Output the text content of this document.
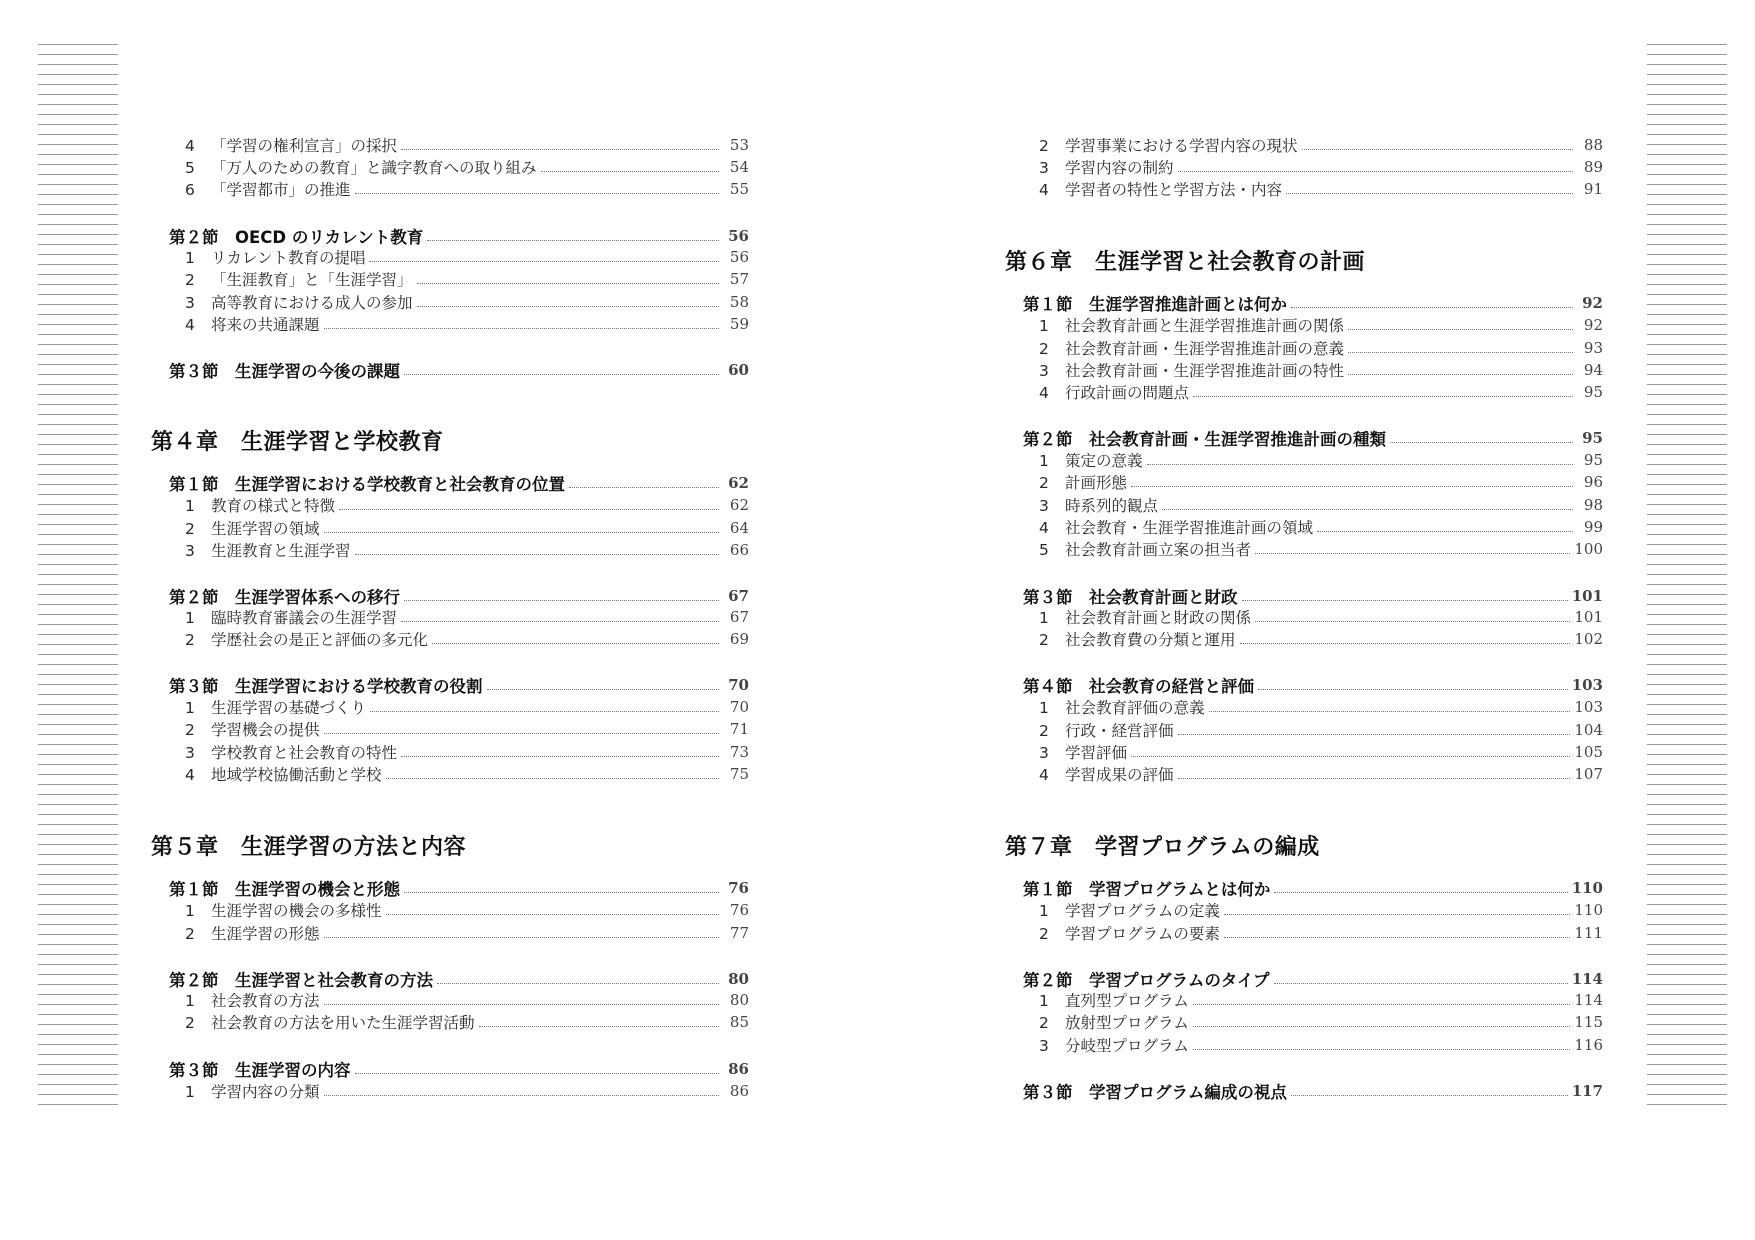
4 「学習の権利宣言」の採択	53
5 「万人のための教育」と識字教育への取り組み	54
6 「学習都市」の推進	55
第２節　OECD のリカレント教育	56
1 リカレント教育の提唱	56
2 「生涯教育」と「生涯学習」	57
3 高等教育における成人の参加	58
4 将来の共通課題	59
第３節　生涯学習の今後の課題	60
第４章　生涯学習と学校教育
第１節　生涯学習における学校教育と社会教育の位置	62
1 教育の様式と特徴	62
2 生涯学習の領域	64
3 生涯教育と生涯学習	66
第２節　生涯学習体系への移行	67
1 臨時教育審議会の生涯学習	67
2 学歴社会の是正と評価の多元化	69
第３節　生涯学習における学校教育の役割	70
1 生涯学習の基礎づくり	70
2 学習機会の提供	71
3 学校教育と社会教育の特性	73
4 地域学校協働活動と学校	75
第５章　生涯学習の方法と内容
第１節　生涯学習の機会と形態	76
1 生涯学習の機会の多様性	76
2 生涯学習の形態	77
第２節　生涯学習と社会教育の方法	80
1 社会教育の方法	80
2 社会教育の方法を用いた生涯学習活動	85
第３節　生涯学習の内容	86
1 学習内容の分類	86
2 学習事業における学習内容の現状	88
3 学習内容の制約	89
4 学習者の特性と学習方法・内容	91
第６章　生涯学習と社会教育の計画
第１節　生涯学習推進計画とは何か	92
1 社会教育計画と生涯学習推進計画の関係	92
2 社会教育計画・生涯学習推進計画の意義	93
3 社会教育計画・生涯学習推進計画の特性	94
4 行政計画の問題点	95
第２節　社会教育計画・生涯学習推進計画の種類	95
1 策定の意義	95
2 計画形態	96
3 時系列的観点	98
4 社会教育・生涯学習推進計画の領域	99
5 社会教育計画立案の担当者	100
第３節　社会教育計画と財政	101
1 社会教育計画と財政の関係	101
2 社会教育費の分類と運用	102
第４節　社会教育の経営と評価	103
1 社会教育評価の意義	103
2 行政・経営評価	104
3 学習評価	105
4 学習成果の評価	107
第７章　学習プログラムの編成
第１節　学習プログラムとは何か	110
1 学習プログラムの定義	110
2 学習プログラムの要素	111
第２節　学習プログラムのタイプ	114
1 直列型プログラム	114
2 放射型プログラム	115
3 分岐型プログラム	116
第３節　学習プログラム編成の視点	117
